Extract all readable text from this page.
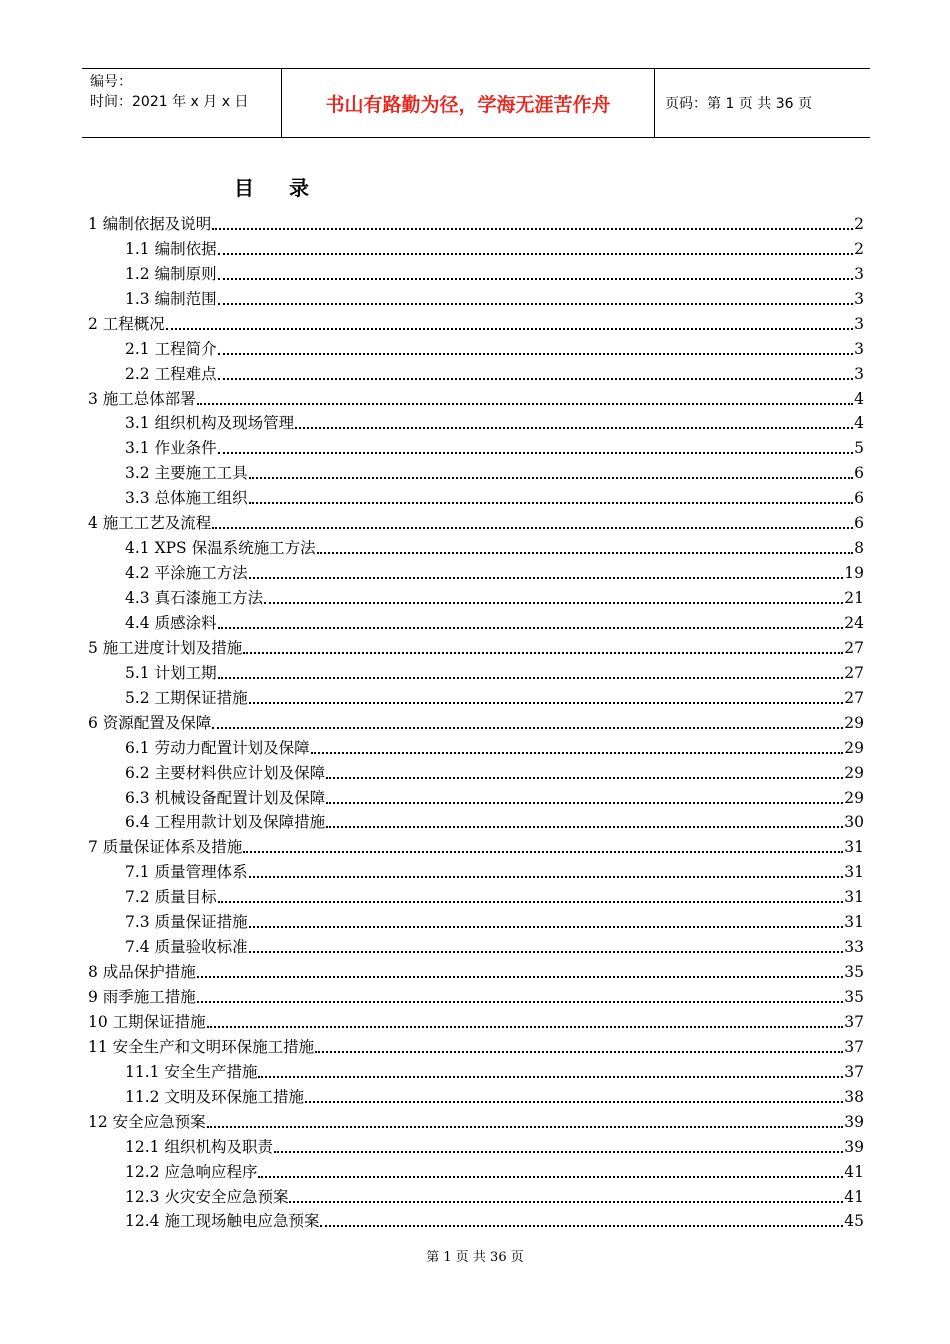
编号：
时间：2021 年 x 月 x 日	书山有路勤为径，学海无涯苦作舟	页码：第 1 页 共 36 页
目 录
1 编制依据及说明	2
1.1 编制依据	2
1.2 编制原则	3
1.3 编制范围	3
2 工程概况	3
2.1 工程简介	3
2.2 工程难点	3
3 施工总体部署	4
3.1 组织机构及现场管理	4
3.1 作业条件	5
3.2 主要施工工具	6
3.3 总体施工组织	6
4 施工工艺及流程	6
4.1 XPS 保温系统施工方法	8
4.2 平涂施工方法	19
4.3 真石漆施工方法	21
4.4 质感涂料	24
5 施工进度计划及措施	27
5.1 计划工期	27
5.2 工期保证措施	27
6 资源配置及保障	29
6.1 劳动力配置计划及保障	29
6.2 主要材料供应计划及保障	29
6.3 机械设备配置计划及保障	29
6.4 工程用款计划及保障措施	30
7 质量保证体系及措施	31
7.1 质量管理体系	31
7.2 质量目标	31
7.3 质量保证措施	31
7.4 质量验收标准	33
8 成品保护措施	35
9 雨季施工措施	35
10 工期保证措施	37
11 安全生产和文明环保施工措施	37
11.1 安全生产措施	37
11.2 文明及环保施工措施	38
12 安全应急预案	39
12.1 组织机构及职责	39
12.2 应急响应程序	41
12.3 火灾安全应急预案	41
12.4 施工现场触电应急预案	45
第 1 页 共 36 页
